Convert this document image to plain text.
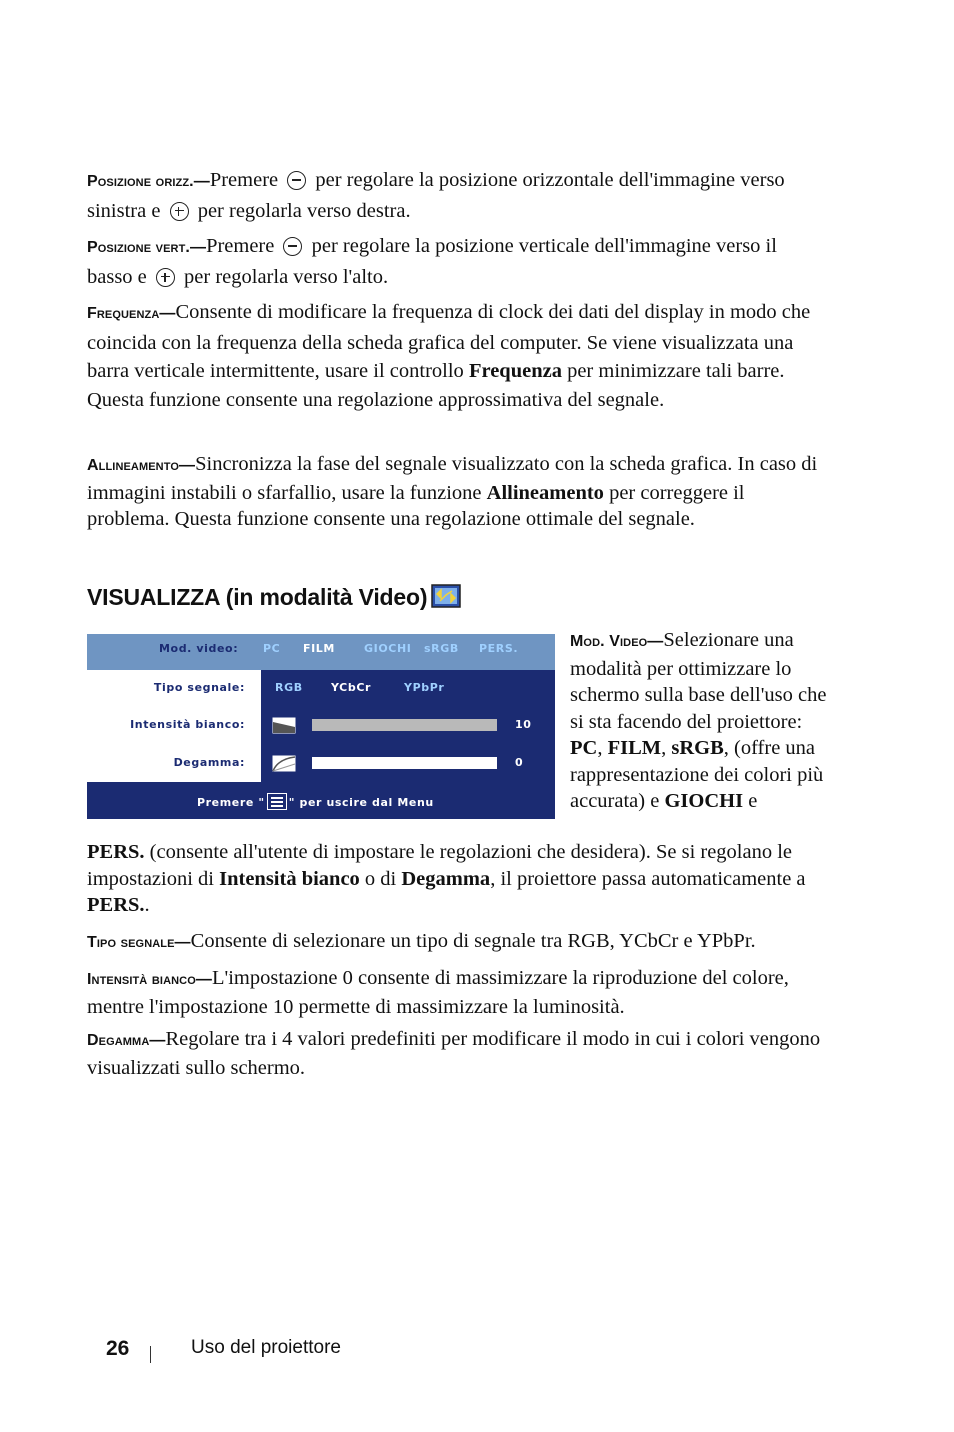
Posizione orizz.—Premere per regolare la posizione orizzontale dell'immagine verso sinistra e per regolarla verso destra.
Posizione vert.—Premere per regolare la posizione verticale dell'immagine verso il basso e per regolarla verso l'alto.
Frequenza—Consente di modificare la frequenza di clock dei dati del display in modo che coincida con la frequenza della scheda grafica del computer. Se viene visualizzata una barra verticale intermittente, usare il controllo Frequenza per minimizzare tali barre. Questa funzione consente una regolazione approssimativa del segnale.
Allineamento—Sincronizza la fase del segnale visualizzato con la scheda grafica. In caso di immagini instabili o sfarfallio, usare la funzione Allineamento per correggere il problema. Questa funzione consente una regolazione ottimale del segnale.
VISUALIZZA (in modalità Video)
Mod. video: PC FILM	GIOCHI sRGB PERS.
Tipo segnale:	RGB	YCbCr	YPbPr
Intensità bianco:	10
Degamma:	0
Premere " " per uscire dal Menu
Mod. Video—Selezionare una modalità per ottimizzare lo schermo sulla base dell'uso che si sta facendo del proiettore: PC, FILM, sRGB, (offre una rappresentazione dei colori più accurata) e GIOCHI e
PERS. (consente all'utente di impostare le regolazioni che desidera). Se si regolano le impostazioni di Intensità bianco o di Degamma, il proiettore passa automaticamente a PERS..
Tipo segnale—Consente di selezionare un tipo di segnale tra RGB, YCbCr e YPbPr.
Intensità bianco—L'impostazione 0 consente di massimizzare la riproduzione del colore, mentre l'impostazione 10 permette di massimizzare la luminosità.
Degamma—Regolare tra i 4 valori predefiniti per modificare il modo in cui i colori vengono visualizzati sullo schermo.
26	Uso del proiettore
